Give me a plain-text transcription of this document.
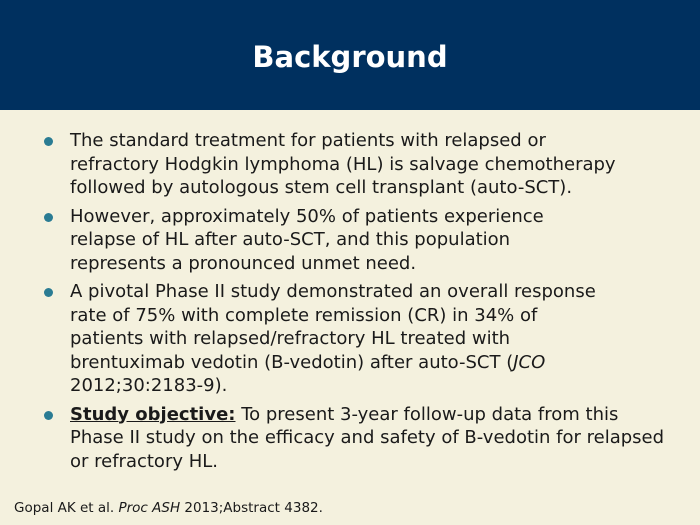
Background
The standard treatment for patients with relapsed or refractory Hodgkin lymphoma (HL) is salvage chemotherapy followed by autologous stem cell transplant (auto-SCT).
However, approximately 50% of patients experience relapse of HL after auto-SCT, and this population represents a pronounced unmet need.
A pivotal Phase II study demonstrated an overall response rate of 75% with complete remission (CR) in 34% of patients with relapsed/refractory HL treated with brentuximab vedotin (B-vedotin) after auto-SCT (JCO 2012;30:2183-9).
Study objective: To present 3-year follow-up data from this Phase II study on the efficacy and safety of B-vedotin for relapsed or refractory HL.
Gopal AK et al. Proc ASH 2013;Abstract 4382.
